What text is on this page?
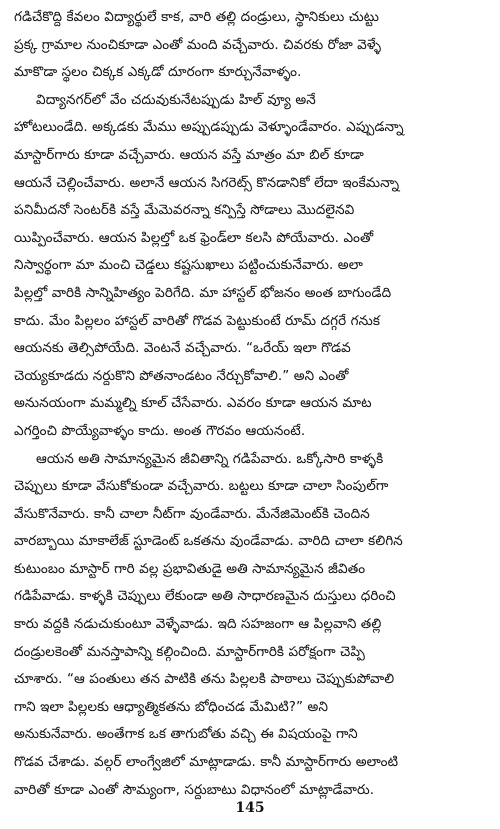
గడిచేకొద్ది కేవలం విద్యార్థులే కాక, వారి తల్లి దండ్రులు, స్థానికులు చుట్టు
ప్రక్క గ్రామాల నుంచికూడా ఎంతో మంది వచ్చేవారు. చివరకు రోజా వెళ్ళే
మాకొడా స్థలం చిక్కక ఎక్కడో దూరంగా కూర్చునేవాళ్ళం.
విద్యానగర్‌లో వేం చదువుకునేటప్పుడు హిల్ వ్యూ అనే
హోటలుండేది. అక్కడకు మేము అప్పుడప్పుడు వెళ్ళూండేవారం. ఎప్పుడన్నా
మాస్టార్‌గారు కూడా వచ్చేవారు. ఆయన వస్తే మాత్రం మా బిల్ కూడా
ఆయనే చెల్లించేవారు. అలానే ఆయన సిగరెట్స్ కొనడానికో లేదా ఇంకేమన్నా
పనిమీదనో సెంటర్‌కి వస్తే మేమెవరన్నా కన్పిస్తే సోడాలు మొదలైనవి
యిప్పించేవారు. ఆయన పిల్లల్తో ఒక ఫ్రెండ్‌లా కలసి పోయేవారు. ఎంతో
నిస్వార్థంగా మా మంచి చెడ్డలు కష్టసుఖాలు పట్టించుకునేవారు. అలా
పిల్లల్తో వారికి సాన్నిహిత్యం పెరిగేది. మా హాస్టల్ భోజనం అంత బాగుండేది
కాదు. మేం పిల్లలం హాస్టల్ వారితో గొడవ పెట్టుకుంటే రూమ్ దగ్గరే గనుక
ఆయనకు తెల్సిపోయేది. వెంటనే వచ్చేవారు. “ఒరేయ్ ఇలా గొడవ
చెయ్యకూడదు నర్దుకొని పోతనాండటం నేర్చుకోవాలి.” అని ఎంతో
అనునయంగా మమ్మల్ని కూల్ చేసేవారు. ఎవరం కూడా ఆయన మాట
ఎగర్తించి పొయ్యేవాళ్ళం కాదు. అంత గౌరవం ఆయనంటే.
ఆయన అతి సామాన్యమైన జీవితాన్ని గడిపేవారు. ఒక్కోసారి కాళ్ళకి
చెప్పులు కూడా వేసుకోకుండా వచ్చేవారు. బట్టలు కూడా చాలా సింపుల్‌గా
వేసుకొనేవారు. కానీ చాలా నీట్‌గా వుండేవారు. మేనేజిమెంట్‌కి చెందిన
వారబ్బాయి మాకాలేజ్ స్టూడెంట్ ఒకతను వుండేవాడు. వారిది చాలా కలిగిన
కుటుంబం మాస్టార్ గారి వల్ల ప్రభావితుడై అతి సామాన్యమైన జీవితం
గడిపేవాడు. కాళ్ళకి చెప్పులు లేకుండా అతి సాధారణమైన దుస్తులు ధరించి
కారు వద్దకి నడుచుకుంటూ వెళ్ళేవాడు. ఇది సహజంగా ఆ పిల్లవాని తల్లి
దండ్రులకెంతో మనస్తాపాన్ని కల్గించింది. మాస్టార్‌గారికి పరోక్షంగా చెప్పి
చూశారు. “ఆ పంతులు తన పాటికి తను పిల్లలకి పాఠాలు చెప్పుకుపోవాలి
గాని ఇలా పిల్లలకు ఆధ్యాత్మికతను బోధించడ మేమిటి?” అని
అనుకునేవారు. అంతేగాక ఒక తాగుబోతు వచ్చి ఈ విషయంపై గాని
గొడవ చేశాడు. వల్గర్ లాంగ్వేజిలో మాట్లాడాడు. కానీ మాస్టార్‌గారు అలాంటి
వారితో కూడా ఎంతో సౌమ్యంగా, సర్దుబాటు విధానంలో మాట్లాడేవారు.
145
